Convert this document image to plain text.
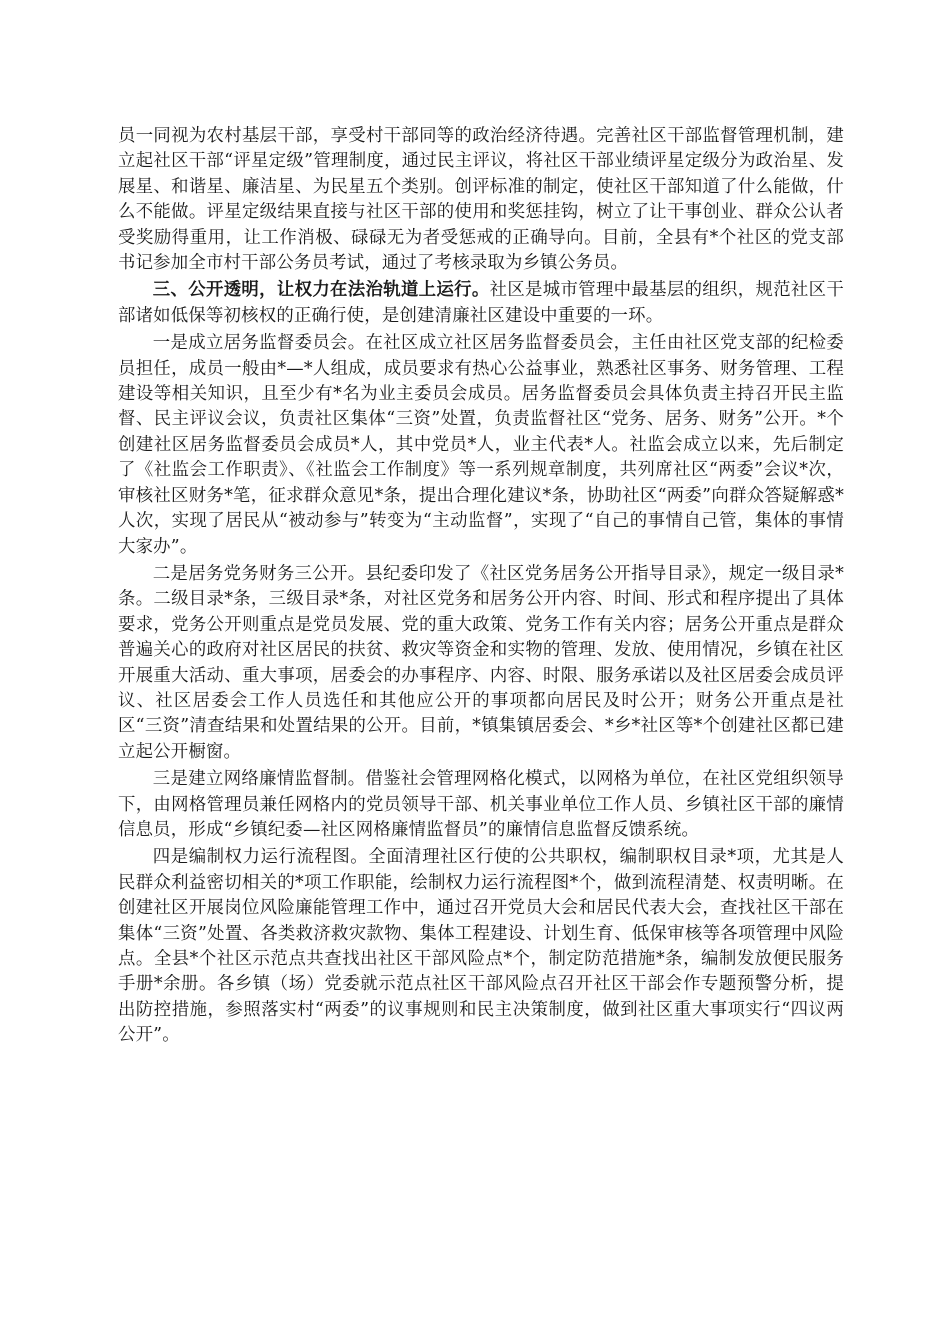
员一同视为农村基层干部，享受村干部同等的政治经济待遇。完善社区干部监督管理机制，建立起社区干部“评星定级”管理制度，通过民主评议，将社区干部业绩评星定级分为政治星、发展星、和谐星、廉洁星、为民星五个类别。创评标准的制定，使社区干部知道了什么能做，什么不能做。评星定级结果直接与社区干部的使用和奖惩挂钩，树立了让干事创业、群众公认者受奖励得重用，让工作消极、碌碌无为者受惩戒的正确导向。目前，全县有*个社区的党支部书记参加全市村干部公务员考试，通过了考核录取为乡镇公务员。

三、公开透明，让权力在法治轨道上运行。社区是城市管理中最基层的组织，规范社区干部诸如低保等初核权的正确行使，是创建清廉社区建设中重要的一环。

一是成立居务监督委员会。在社区成立社区居务监督委员会，主任由社区党支部的纪检委员担任，成员一般由*—*人组成，成员要求有热心公益事业，熟悉社区事务、财务管理、工程建设等相关知识，且至少有*名为业主委员会成员。居务监督委员会具体负责主持召开民主监督、民主评议会议，负责社区集体“三资”处置，负责监督社区“党务、居务、财务”公开。*个创建社区居务监督委员会成员*人，其中党员*人，业主代表*人。社监会成立以来，先后制定了《社监会工作职责》、《社监会工作制度》等一系列规章制度，共列席社区“两委”会议*次，审核社区财务*笔，征求群众意见*条，提出合理化建议*条，协助社区“两委”向群众答疑解惑*人次，实现了居民从“被动参与”转变为“主动监督”，实现了“自己的事情自己管，集体的事情大家办”。

二是居务党务财务三公开。县纪委印发了《社区党务居务公开指导目录》，规定一级目录*条。二级目录*条，三级目录*条，对社区党务和居务公开内容、时间、形式和程序提出了具体要求，党务公开则重点是党员发展、党的重大政策、党务工作有关内容；居务公开重点是群众普遍关心的政府对社区居民的扶贫、救灾等资金和实物的管理、发放、使用情况，乡镇在社区开展重大活动、重大事项，居委会的办事程序、内容、时限、服务承诺以及社区居委会成员评议、社区居委会工作人员选任和其他应公开的事项都向居民及时公开；财务公开重点是社区“三资”清查结果和处置结果的公开。目前，*镇集镇居委会、*乡*社区等*个创建社区都已建立起公开橱窗。

三是建立网络廉情监督制。借鉴社会管理网格化模式，以网格为单位，在社区党组织领导下，由网格管理员兼任网格内的党员领导干部、机关事业单位工作人员、乡镇社区干部的廉情信息员，形成“乡镇纪委—社区网格廉情监督员”的廉情信息监督反馈系统。

四是编制权力运行流程图。全面清理社区行使的公共职权，编制职权目录*项，尤其是人民群众利益密切相关的*项工作职能，绘制权力运行流程图*个，做到流程清楚、权责明晰。在创建社区开展岗位风险廉能管理工作中，通过召开党员大会和居民代表大会，查找社区干部在集体“三资”处置、各类救济救灾款物、集体工程建设、计划生育、低保审核等各项管理中风险点。全县*个社区示范点共查找出社区干部风险点*个，制定防范措施*条，编制发放便民服务手册*余册。各乡镇（场）党委就示范点社区干部风险点召开社区干部会作专题预警分析，提出防控措施，参照落实村“两委”的议事规则和民主决策制度，做到社区重大事项实行“四议两公开”。
